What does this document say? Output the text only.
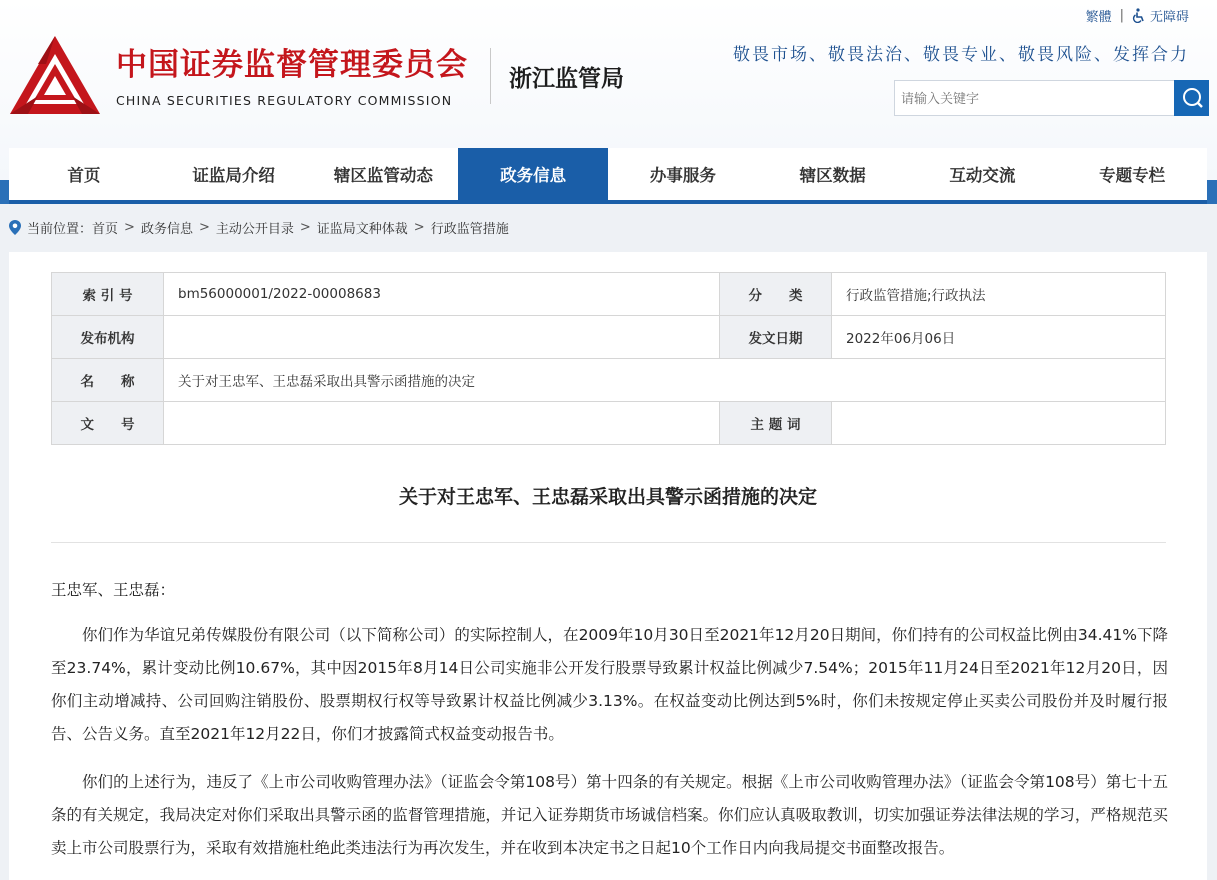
繁體 | 无障碍
中国证券监督管理委员会
CHINA SECURITIES REGULATORY COMMISSION
浙江监管局
敬畏市场、敬畏法治、敬畏专业、敬畏风险、发挥合力
请输入关键字
首页	证监局介绍	辖区监管动态	政务信息	办事服务	辖区数据	互动交流	专题专栏
当前位置： 首页 > 政务信息 > 主动公开目录 > 证监局文种体裁 > 行政监管措施
索 引 号	bm56000001/2022-00008683	分　　类	行政监管措施;行政执法
发布机构		发文日期	2022年06月06日
名　　称	关于对王忠军、王忠磊采取出具警示函措施的决定		
文　　号		主 题 词	
关于对王忠军、王忠磊采取出具警示函措施的决定

王忠军、王忠磊：

你们作为华谊兄弟传媒股份有限公司（以下简称公司）的实际控制人，在2009年10月30日至2021年12月20日期间，你们持有的公司权益比例由34.41%下降至23.74%，累计变动比例10.67%，其中因2015年8月14日公司实施非公开发行股票导致累计权益比例减少7.54%；2015年11月24日至2021年12月20日，因你们主动增减持、公司回购注销股份、股票期权行权等导致累计权益比例减少3.13%。在权益变动比例达到5%时，你们未按规定停止买卖公司股份并及时履行报告、公告义务。直至2021年12月22日，你们才披露简式权益变动报告书。

你们的上述行为，违反了《上市公司收购管理办法》（证监会令第108号）第十四条的有关规定。根据《上市公司收购管理办法》（证监会令第108号）第七十五条的有关规定，我局决定对你们采取出具警示函的监督管理措施，并记入证券期货市场诚信档案。你们应认真吸取教训，切实加强证券法律法规的学习，严格规范买卖上市公司股票行为，采取有效措施杜绝此类违法行为再次发生，并在收到本决定书之日起10个工作日内向我局提交书面整改报告。
